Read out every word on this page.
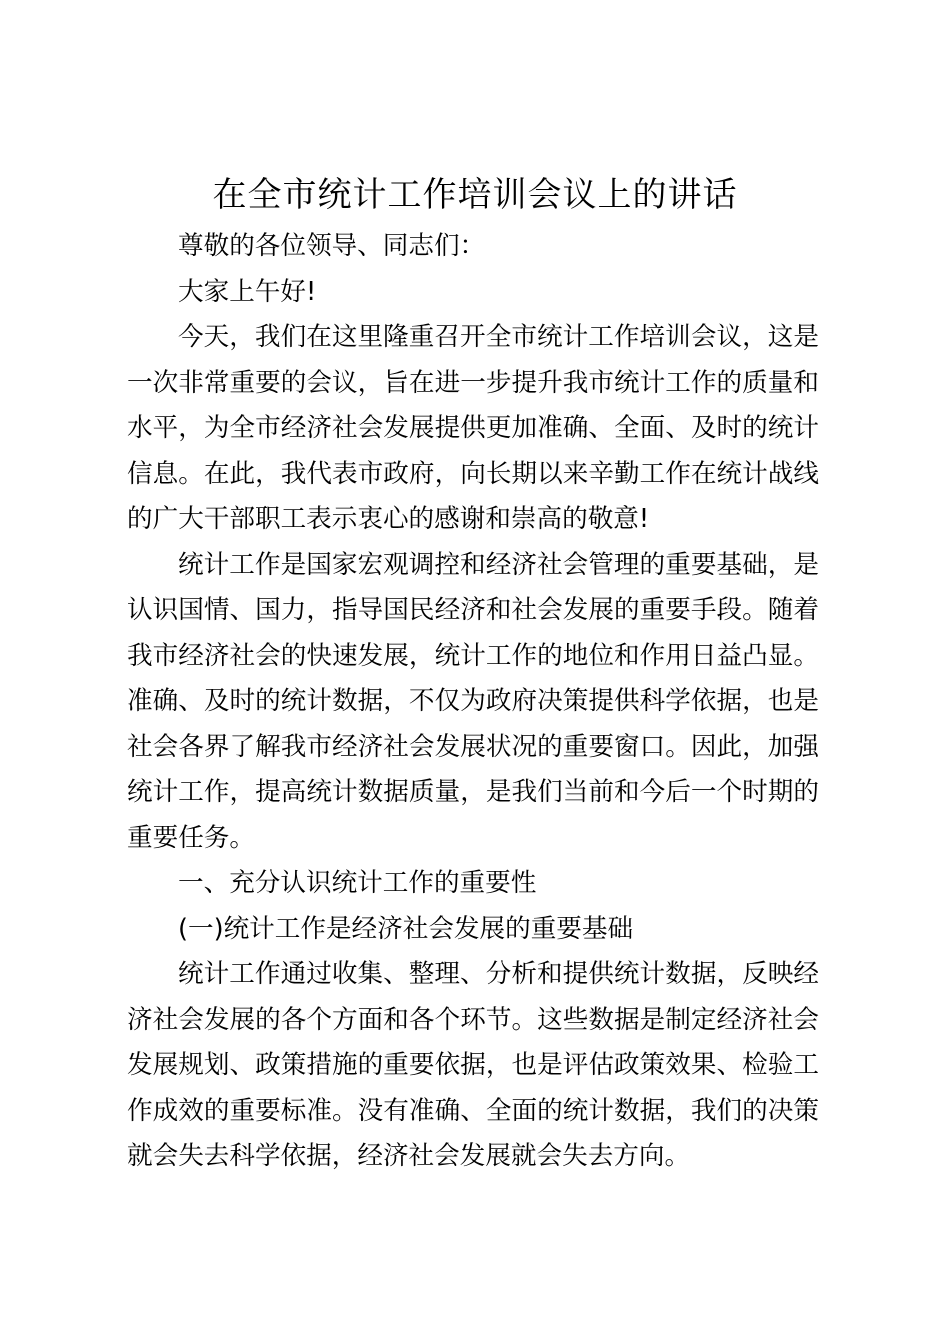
在全市统计工作培训会议上的讲话

尊敬的各位领导、同志们：

大家上午好!

今天，我们在这里隆重召开全市统计工作培训会议，这是一次非常重要的会议，旨在进一步提升我市统计工作的质量和水平，为全市经济社会发展提供更加准确、全面、及时的统计信息。在此，我代表市政府，向长期以来辛勤工作在统计战线的广大干部职工表示衷心的感谢和崇高的敬意!

统计工作是国家宏观调控和经济社会管理的重要基础，是认识国情、国力，指导国民经济和社会发展的重要手段。随着我市经济社会的快速发展，统计工作的地位和作用日益凸显。准确、及时的统计数据，不仅为政府决策提供科学依据，也是社会各界了解我市经济社会发展状况的重要窗口。因此，加强统计工作，提高统计数据质量，是我们当前和今后一个时期的重要任务。

一、充分认识统计工作的重要性

(一)统计工作是经济社会发展的重要基础

统计工作通过收集、整理、分析和提供统计数据，反映经济社会发展的各个方面和各个环节。这些数据是制定经济社会发展规划、政策措施的重要依据，也是评估政策效果、检验工作成效的重要标准。没有准确、全面的统计数据，我们的决策就会失去科学依据，经济社会发展就会失去方向。
